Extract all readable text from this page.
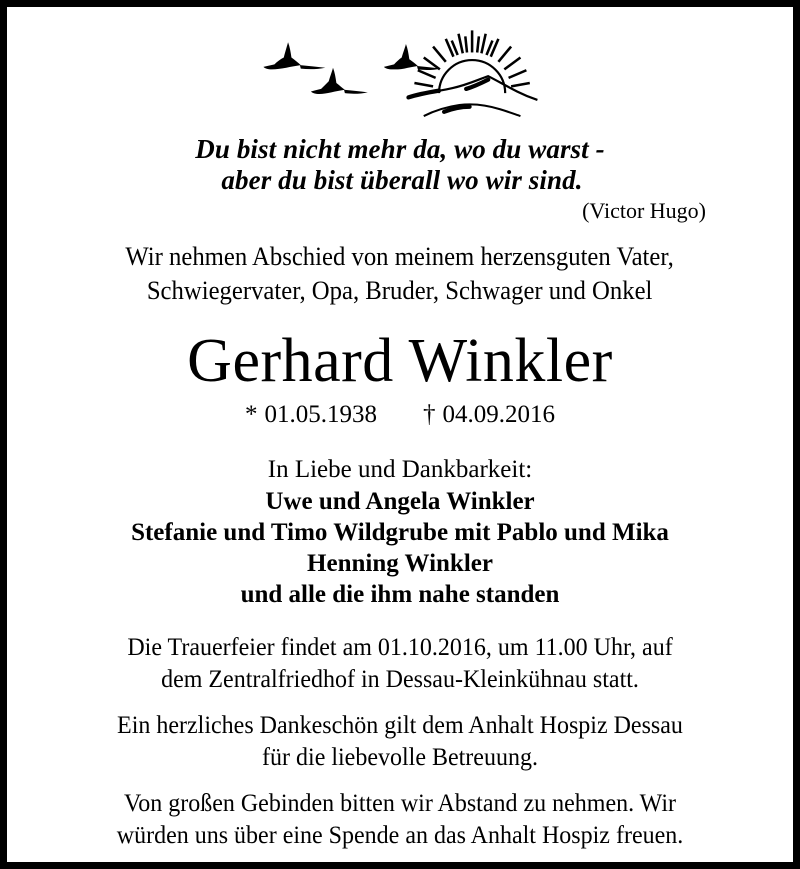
Du bist nicht mehr da, wo du warst -
aber du bist überall wo wir sind.
(Victor Hugo)
Wir nehmen Abschied von meinem herzensguten Vater,
Schwiegervater, Opa, Bruder, Schwager und Onkel
Gerhard Winkler
* 01.05.1938 † 04.09.2016
In Liebe und Dankbarkeit:
Uwe und Angela Winkler
Stefanie und Timo Wildgrube mit Pablo und Mika
Henning Winkler
und alle die ihm nahe standen
Die Trauerfeier findet am 01.10.2016, um 11.00 Uhr, auf
dem Zentralfriedhof in Dessau-Kleinkühnau statt.
Ein herzliches Dankeschön gilt dem Anhalt Hospiz Dessau
für die liebevolle Betreuung.
Von großen Gebinden bitten wir Abstand zu nehmen. Wir
würden uns über eine Spende an das Anhalt Hospiz freuen.
